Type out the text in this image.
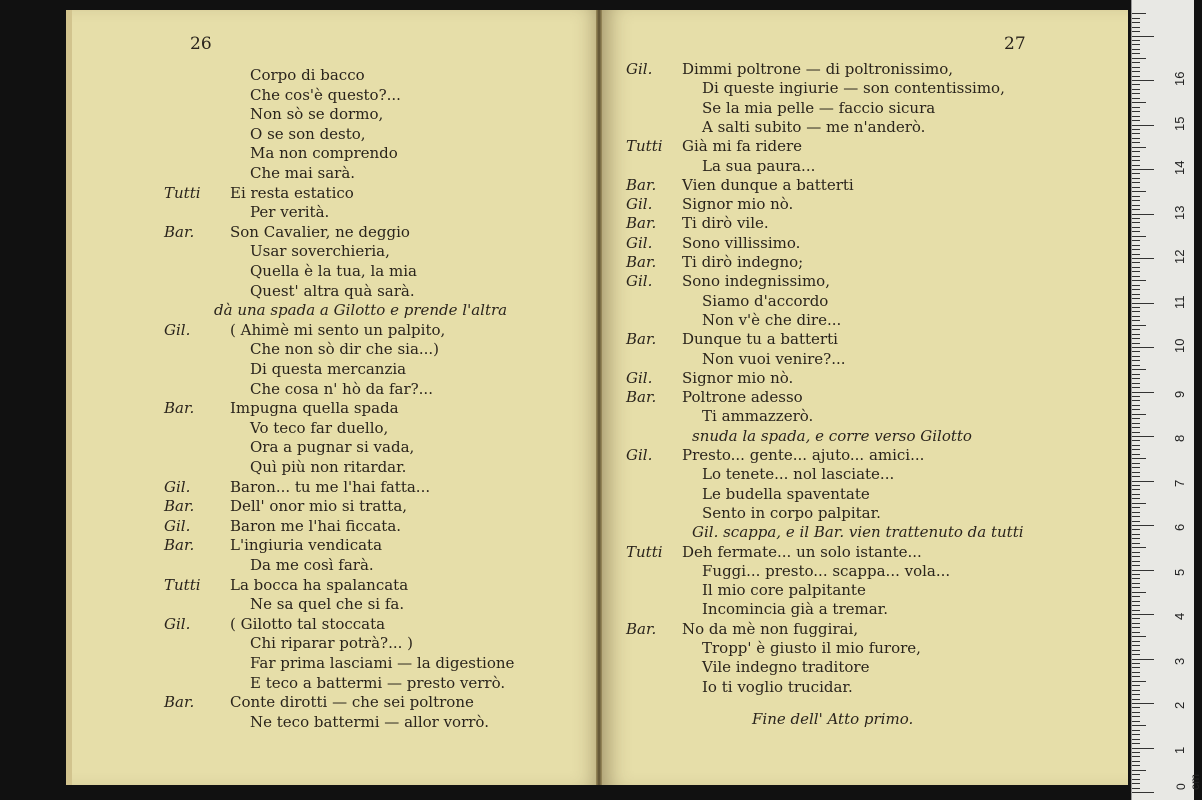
26
Corpo di bacco
Che cos'è questo?...
Non sò se dormo,
O se son desto,
Ma non comprendo
Che mai sarà.
Tutti Ei resta estatico
Per verità.
Bar. Son Cavalier, ne deggio
Usar soverchieria,
Quella è la tua, la mia
Quest' altra quà sarà.
dà una spada a Gilotto e prende l'altra
Gil.	( Ahimè mi sento un palpito,
Che non sò dir che sia...)
Di questa mercanzia
Che cosa n' hò da far?...
Bar. Impugna quella spada
Vo teco far duello,
Ora a pugnar si vada,
Quì più non ritardar.
Gil.	Baron... tu me l'hai fatta...
Bar. Dell' onor mio si tratta,
Gil.	Baron me l'hai ficcata.
Bar. L'ingiuria vendicata
Da me così farà.
Tutti La bocca ha spalancata
Ne sa quel che si fa.
Gil.	( Gilotto tal stoccata
Chi riparar potrà?... )
Far prima lasciami — la digestione
E teco a battermi — presto verrò.
Bar. Conte dirotti — che sei poltrone
Ne teco battermi — allor vorrò.
27
Fine dell' Atto primo.
Gil. Dimmi poltrone — di poltronissimo,
Di queste ingiurie — son contentissimo,
Se la mia pelle — faccio sicura
A salti subito — me n'anderò.
Tutti Già mi fa ridere
La sua paura...
Bar. Vien dunque a batterti
Gil. Signor mio nò.
Bar. Ti dirò vile.
Gil. Sono villissimo.
Bar. Ti dirò indegno;
Gil. Sono indegnissimo,
Siamo d'accordo
Non v'è che dire...
Bar. Dunque tu a batterti
Non vuoi venire?...
Gil. Signor mio nò.
Bar. Poltrone adesso
Ti ammazzerò.
snuda la spada, e corre verso Gilotto
Gil. Presto... gente... ajuto... amici...
Lo tenete... nol lasciate...
Le budella spaventate
Sento in corpo palpitar.
Gil. scappa, e il Bar. vien trattenuto da tutti
Tutti Deh fermate... un solo istante...
Fuggi... presto... scappa... vola...
Il mio core palpitante
Incomincia già a tremar.
Bar. No da mè non fuggirai,
Tropp' è giusto il mio furore,
Vile indegno traditore
Io ti voglio trucidar.
0 cm
1
2
3
4
5
6
7
8
9
10
11
12
13
14
15
16
